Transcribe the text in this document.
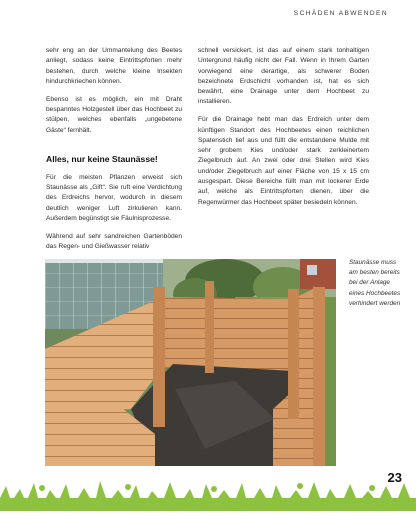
SCHÄDEN ABWENDEN

sehr eng an der Ummantelung des Beetes anliegt, sodass keine Eintrittspforten mehr bestehen, durch welche kleine Insekten hindurchkriechen können.

Ebenso ist es möglich, ein mit Draht bespanntes Holzgestell über das Hochbeet zu stülpen, welches ebenfalls „ungebetene Gäste“ fernhält.

Alles, nur keine Staunässe!

Für die meisten Pflanzen erweist sich Staunässe als „Gift“. Sie ruft eine Verdichtung des Erdreichs hervor, wodurch in diesem deutlich weniger Luft zirkulieren kann. Außerdem begünstigt sie Fäulnisprozesse.

Während auf sehr sandreichen Gartenböden das Regen- und Gießwasser relativ

schnell versickert, ist das auf einem stark tonhaltigen Untergrund häufig nicht der Fall. Wenn in Ihrem Garten vorwiegend eine derartige, als schwerer Boden bezeichnete Erdschicht vorhanden ist, hat es sich bewährt, eine Drainage unter dem Hochbeet zu installieren.

Für die Drainage hebt man das Erdreich unter dem künftigen Standort des Hochbeetes einen reichlichen Spatenstich tief aus und füllt die entstandene Mulde mit sehr grobem Kies und/oder stark zerkleinertem Ziegelbruch auf. An zwei oder drei Stellen wird Kies und/oder Ziegelbruch auf einer Fläche von 15 x 15 cm ausgespart. Diese Bereiche füllt man mit lockerer Erde auf, welche als Eintrittspforten dienen, über die Regenwürmer das Hochbeet später besiedeln können.

Staunässe muss am besten bereits bei der Anlage eines Hochbeetes verhindert werden
23
